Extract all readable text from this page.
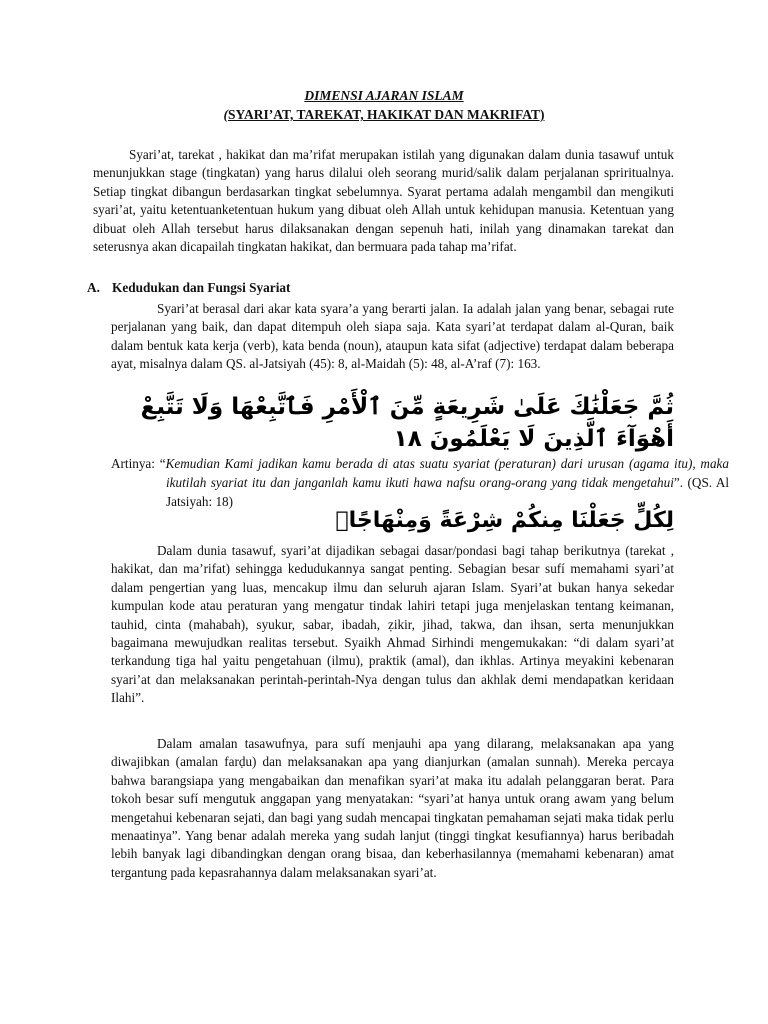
DIMENSI AJARAN ISLAM
(SYARI’AT, TAREKAT, HAKIKAT DAN MAKRIFAT)

Syari’at, tarekat , hakikat dan ma’rifat merupakan istilah yang digunakan dalam dunia tasawuf untuk menunjukkan stage (tingkatan) yang harus dilalui oleh seorang murid/salik dalam perjalanan spriritualnya. Setiap tingkat dibangun berdasarkan tingkat sebelumnya. Syarat pertama adalah mengambil dan mengikuti syari’at, yaitu ketentuanketentuan hukum yang dibuat oleh Allah untuk kehidupan manusia. Ketentuan yang dibuat oleh Allah tersebut harus dilaksanakan dengan sepenuh hati, inilah yang dinamakan tarekat dan seterusnya akan dicapailah tingkatan hakikat, dan bermuara pada tahap ma’rifat.

A. Kedudukan dan Fungsi Syariat

Syari’at berasal dari akar kata syara’a yang berarti jalan. Ia adalah jalan yang benar, sebagai rute perjalanan yang baik, dan dapat ditempuh oleh siapa saja. Kata syari’at terdapat dalam al-Quran, baik dalam bentuk kata kerja (verb), kata benda (noun), ataupun kata sifat (adjective) terdapat dalam beberapa ayat, misalnya dalam QS. al-Jatsiyah (45): 8, al-Maidah (5): 48, al-A’raf (7): 163.

ثُمَّ جَعَلْنَٰكَ عَلَىٰ شَرِيعَةٍ مِّنَ ٱلْأَمْرِ فَٱتَّبِعْهَا وَلَا تَتَّبِعْ أَهْوَآءَ ٱلَّذِينَ لَا يَعْلَمُونَ ١٨
Artinya: “Kemudian Kami jadikan kamu berada di atas suatu syariat (peraturan) dari urusan (agama itu), maka ikutilah syariat itu dan janganlah kamu ikuti hawa nafsu orang-orang yang tidak mengetahui”. (QS. Al Jatsiyah: 18)
لِكُلٍّ جَعَلْنَا مِنكُمْ شِرْعَةً وَمِنْهَاجًاۚ

Dalam dunia tasawuf, syari’at dijadikan sebagai dasar/pondasi bagi tahap berikutnya (tarekat , hakikat, dan ma’rifat) sehingga kedudukannya sangat penting. Sebagian besar sufí memahami syari’at dalam pengertian yang luas, mencakup ilmu dan seluruh ajaran Islam. Syari’at bukan hanya sekedar kumpulan kode atau peraturan yang mengatur tindak lahiri tetapi juga menjelaskan tentang keimanan, tauhid, cinta (mahabah), syukur, sabar, ibadah, ẓikir, jihad, takwa, dan ihsan, serta menunjukkan bagaimana mewujudkan realitas tersebut. Syaikh Ahmad Sirhindi mengemukakan: “di dalam syari’at terkandung tiga hal yaitu pengetahuan (ilmu), praktik (amal), dan ikhlas. Artinya meyakini kebenaran syari’at dan melaksanakan perintah-perintah-Nya dengan tulus dan akhlak demi mendapatkan keridaan Ilahi”.

Dalam amalan tasawufnya, para sufí menjauhi apa yang dilarang, melaksanakan apa yang diwajibkan (amalan farḍu) dan melaksanakan apa yang dianjurkan (amalan sunnah). Mereka percaya bahwa barangsiapa yang mengabaikan dan menafikan syari’at maka itu adalah pelanggaran berat. Para tokoh besar sufí mengutuk anggapan yang menyatakan: “syari’at hanya untuk orang awam yang belum mengetahui kebenaran sejati, dan bagi yang sudah mencapai tingkatan pemahaman sejati maka tidak perlu menaatinya”. Yang benar adalah mereka yang sudah lanjut (tinggi tingkat kesufiannya) harus beribadah lebih banyak lagi dibandingkan dengan orang bisaa, dan keberhasilannya (memahami kebenaran) amat tergantung pada kepasrahannya dalam melaksanakan syari’at.
